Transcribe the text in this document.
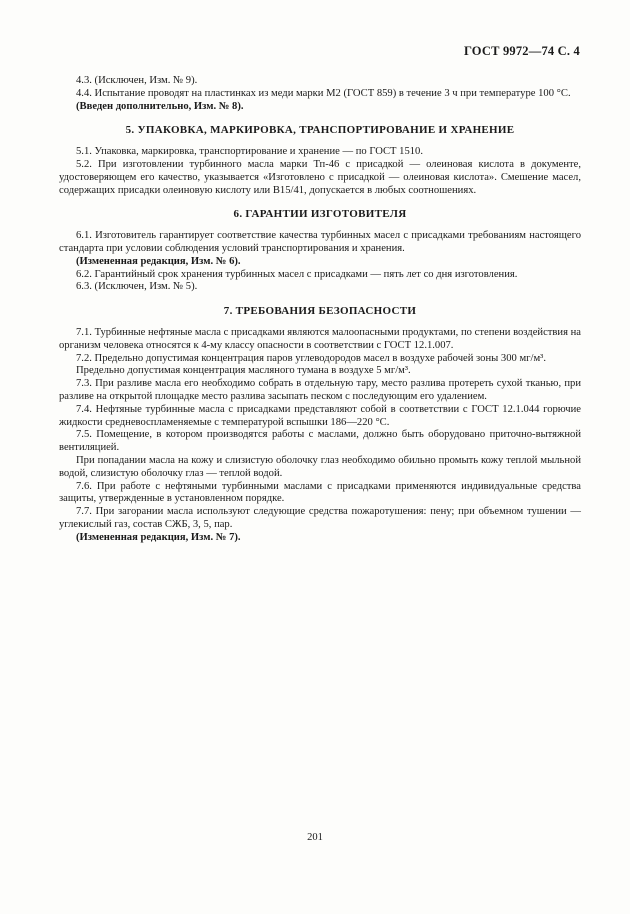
ГОСТ 9972—74 С. 4

4.3. (Исключен, Изм. № 9).

4.4. Испытание проводят на пластинках из меди марки М2 (ГОСТ 859) в течение 3 ч при температуре 100 °С.

(Введен дополнительно, Изм. № 8).

5. УПАКОВКА, МАРКИРОВКА, ТРАНСПОРТИРОВАНИЕ И ХРАНЕНИЕ

5.1. Упаковка, маркировка, транспортирование и хранение — по ГОСТ 1510.

5.2. При изготовлении турбинного масла марки Тп-46 с присадкой — олеиновая кислота в документе, удостоверяющем его качество, указывается «Изготовлено с присадкой — олеиновая кислота». Смешение масел, содержащих присадки олеиновую кислоту или В15/41, допускается в любых соотношениях.

6. ГАРАНТИИ ИЗГОТОВИТЕЛЯ

6.1. Изготовитель гарантирует соответствие качества турбинных масел с присадками требованиям настоящего стандарта при условии соблюдения условий транспортирования и хранения.

(Измененная редакция, Изм. № 6).

6.2. Гарантийный срок хранения турбинных масел с присадками — пять лет со дня изготовления.

6.3. (Исключен, Изм. № 5).

7. ТРЕБОВАНИЯ БЕЗОПАСНОСТИ

7.1. Турбинные нефтяные масла с присадками являются малоопасными продуктами, по степени воздействия на организм человека относятся к 4-му классу опасности в соответствии с ГОСТ 12.1.007.

7.2. Предельно допустимая концентрация паров углеводородов масел в воздухе рабочей зоны 300 мг/м³.

Предельно допустимая концентрация масляного тумана в воздухе 5 мг/м³.

7.3. При разливе масла его необходимо собрать в отдельную тару, место разлива протереть сухой тканью, при разливе на открытой площадке место разлива засыпать песком с последующим его удалением.

7.4. Нефтяные турбинные масла с присадками представляют собой в соответствии с ГОСТ 12.1.044 горючие жидкости средневоспламеняемые с температурой вспышки 186—220 °С.

7.5. Помещение, в котором производятся работы с маслами, должно быть оборудовано приточно-вытяжной вентиляцией.

При попадании масла на кожу и слизистую оболочку глаз необходимо обильно промыть кожу теплой мыльной водой, слизистую оболочку глаз — теплой водой.

7.6. При работе с нефтяными турбинными маслами с присадками применяются индивидуальные средства защиты, утвержденные в установленном порядке.

7.7. При загорании масла используют следующие средства пожаротушения: пену; при объемном тушении — углекислый газ, состав СЖБ, 3, 5, пар.

(Измененная редакция, Изм. № 7).

201
